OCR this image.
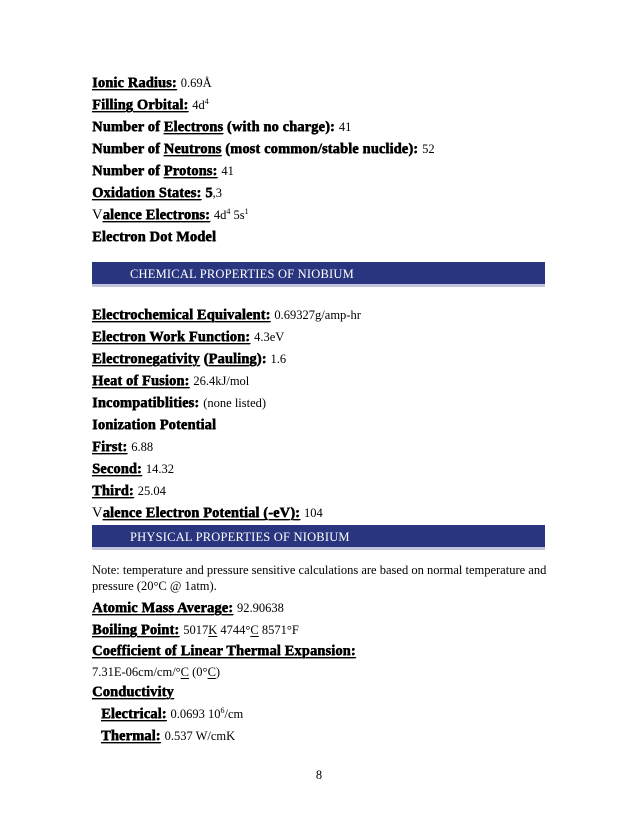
Ionic Radius: 0.69Å
Filling Orbital: $4d^4$
Number of Electrons (with no charge): 41
Number of Neutrons (most common/stable nuclide): 52
Number of Protons: 41
Oxidation States: 5,3
Valence Electrons: $4d^4$ $5s^1$
Electron Dot Model
CHEMICAL PROPERTIES OF NIOBIUM
Electrochemical Equivalent: 0.69327g/amp-hr
Electron Work Function: 4.3eV
Electronegativity (Pauling): 1.6
Heat of Fusion: 26.4kJ/mol
Incompatiblities: (none listed)
Ionization Potential
First: 6.88
Second: 14.32
Third: 25.04
Valence Electron Potential (-eV): 104
PHYSICAL PROPERTIES OF NIOBIUM
Note: temperature and pressure sensitive calculations are based on normal temperature and pressure (20°C @ 1atm).
Atomic Mass Average: 92.90638
Boiling Point: 5017K 4744°C 8571°F
Coefficient of Linear Thermal Expansion:
7.31E-06cm/cm/°C (0°C)
Conductivity
Electrical: 0.0693 $10^6/cm$
Thermal: 0.537 W/cmK
8
